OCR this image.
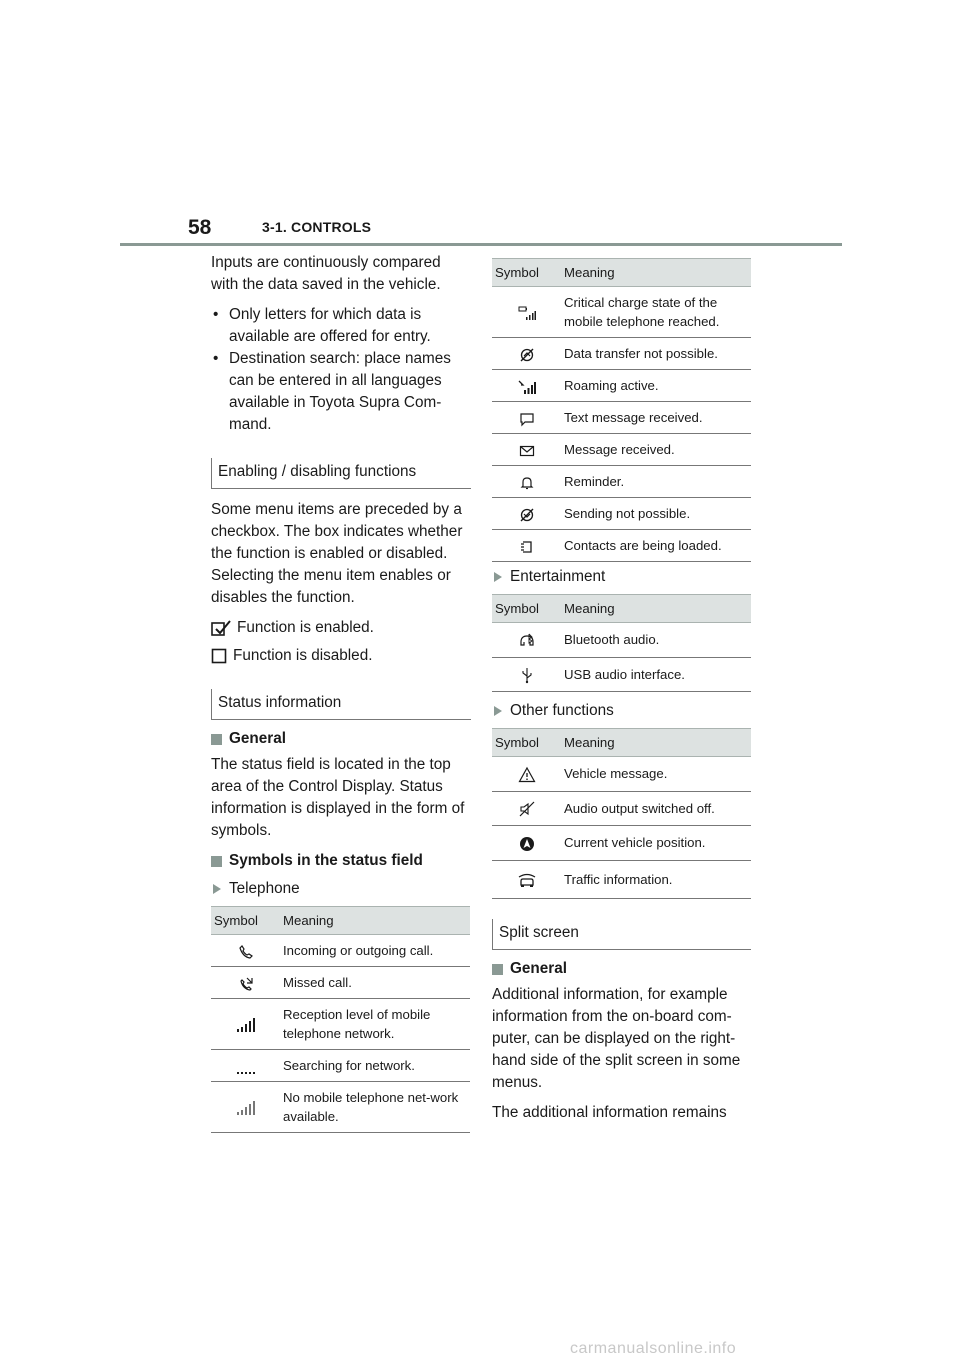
58	3-1. CONTROLS

Inputs are continuously compared with the data saved in the vehicle.

• Only letters for which data is available are offered for entry.
• Destination search: place names can be entered in all languages available in Toyota Supra Com-mand.
Enabling / disabling functions

Some menu items are preceded by a checkbox. The box indicates whether the function is enabled or disabled. Selecting the menu item enables or disables the function.

Function is enabled.
Function is disabled.
Status information
General

The status field is located in the top area of the Control Display. Status information is displayed in the form of symbols.

Symbols in the status field
Telephone
Symbol	Meaning
	Incoming or outgoing call.
	Missed call.
	Reception level of mobile telephone network.
	Searching for network.
	No mobile telephone net-work available.
Symbol	Meaning
	Critical charge state of the mobile telephone reached.
	Data transfer not possible.
	Roaming active.
	Text message received.
	Message received.
	Reminder.
	Sending not possible.
	Contacts are being loaded.
Entertainment
Symbol	Meaning
	Bluetooth audio.
	USB audio interface.
Other functions
Symbol	Meaning
	Vehicle message.
	Audio output switched off.
	Current vehicle position.
	Traffic information.
Split screen
General

Additional information, for example information from the on-board com-puter, can be displayed on the right-hand side of the split screen in some menus.

The additional information remains

carmanualsonline.info
